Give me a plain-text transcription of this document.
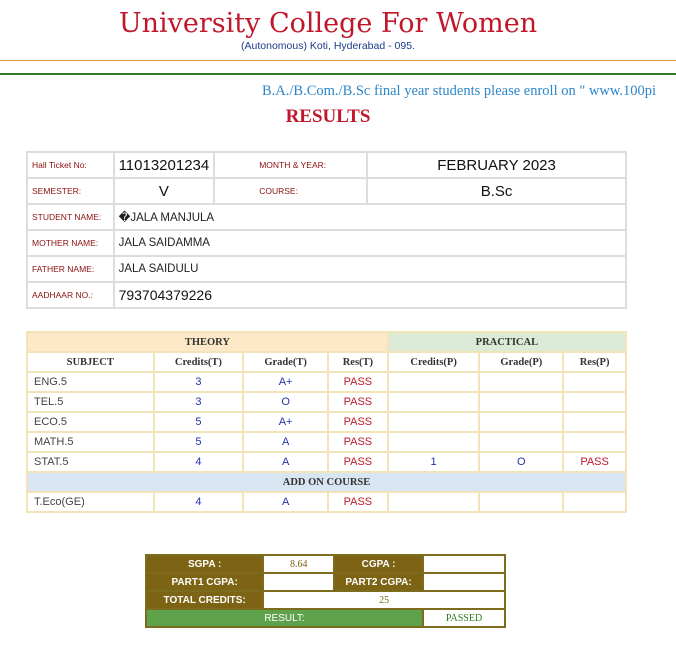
University College For Women
(Autonomous) Koti, Hyderabad - 095.
B.A./B.Com./B.Sc final year students please enroll on " www.100pi
RESULTS
Hall Ticket No:	11013201234	MONTH & YEAR:	FEBRUARY 2023
SEMESTER:	V	COURSE:	B.Sc
STUDENT NAME:	�JALA MANJULA		
MOTHER NAME:	JALA SAIDAMMA		
FATHER NAME:	JALA SAIDULU		
AADHAAR NO.:	793704379226		
THEORY				PRACTICAL		
SUBJECT	Credits(T)	Grade(T)	Res(T)	Credits(P)	Grade(P)	Res(P)
ENG.5	3	A+	PASS			
TEL.5	3	O	PASS			
ECO.5	5	A+	PASS			
MATH.5	5	A	PASS			
STAT.5	4	A	PASS	1	O	PASS
ADD ON COURSE						
T.Eco(GE)	4	A	PASS			
SGPA :	8.64	CGPA :	
PART1 CGPA:		PART2 CGPA:	
TOTAL CREDITS:	25		
RESULT:			PASSED
